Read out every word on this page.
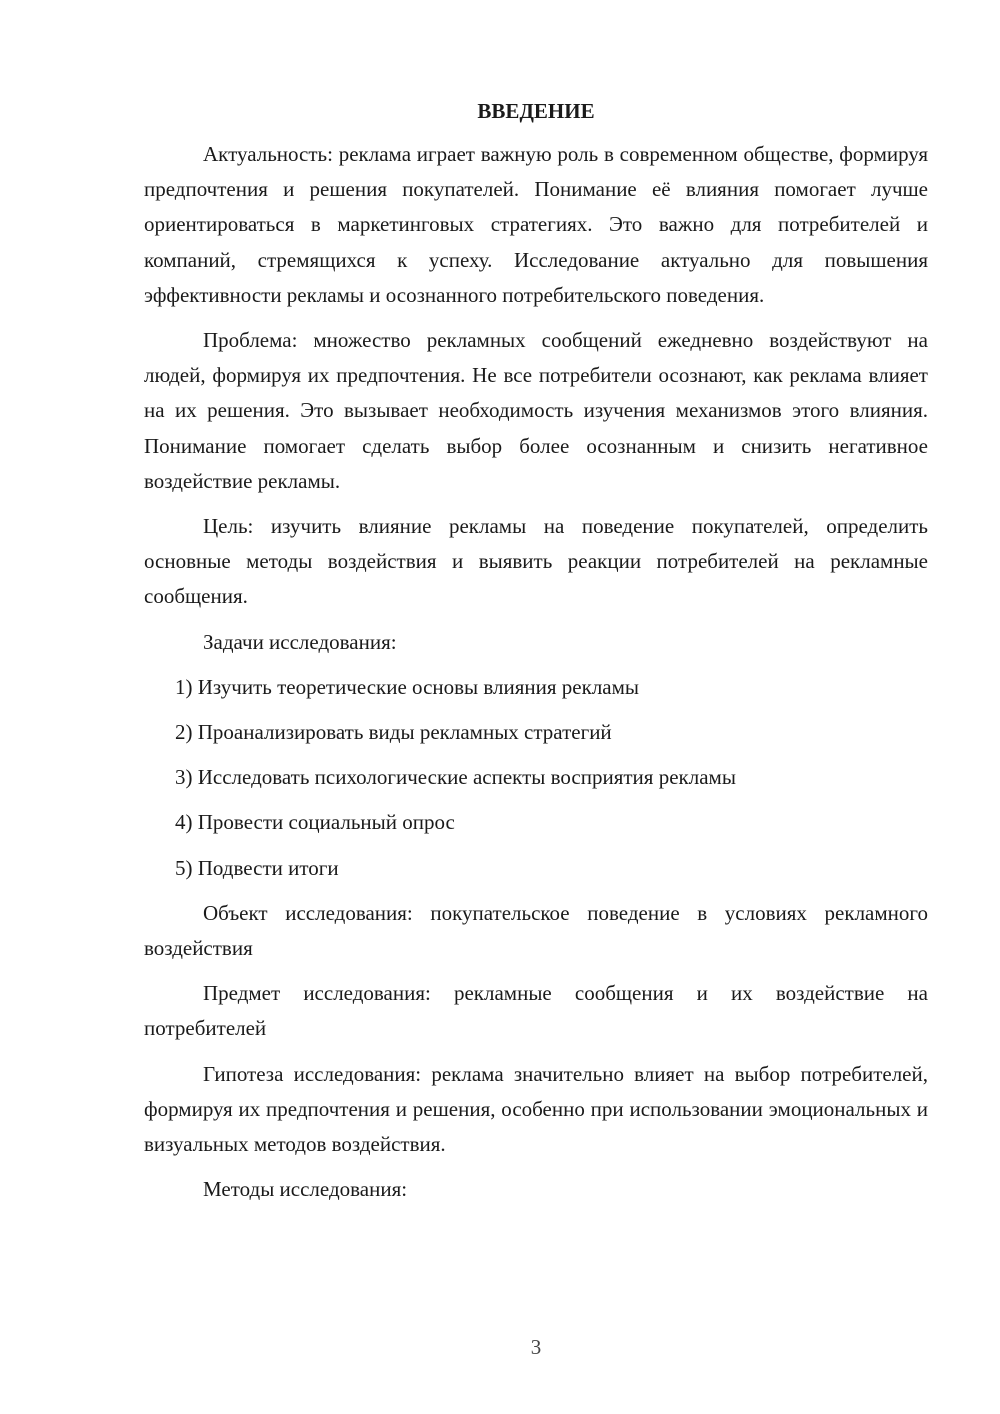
ВВЕДЕНИЕ

Актуальность: реклама играет важную роль в современном обществе, формируя предпочтения и решения покупателей. Понимание её влияния помогает лучше ориентироваться в маркетинговых стратегиях. Это важно для потребителей и компаний, стремящихся к успеху. Исследование актуально для повышения эффективности рекламы и осознанного потребительского поведения.

Проблема: множество рекламных сообщений ежедневно воздействуют на людей, формируя их предпочтения. Не все потребители осознают, как реклама влияет на их решения. Это вызывает необходимость изучения механизмов этого влияния. Понимание помогает сделать выбор более осознанным и снизить негативное воздействие рекламы.

Цель: изучить влияние рекламы на поведение покупателей, определить основные методы воздействия и выявить реакции потребителей на рекламные сообщения.

Задачи исследования:

1) Изучить теоретические основы влияния рекламы
2) Проанализировать виды рекламных стратегий
3) Исследовать психологические аспекты восприятия рекламы
4) Провести социальный опрос
5) Подвести итоги

Объект исследования: покупательское поведение в условиях рекламного воздействия

Предмет исследования: рекламные сообщения и их воздействие на потребителей

Гипотеза исследования: реклама значительно влияет на выбор потребителей, формируя их предпочтения и решения, особенно при использовании эмоциональных и визуальных методов воздействия.

Методы исследования:

3
